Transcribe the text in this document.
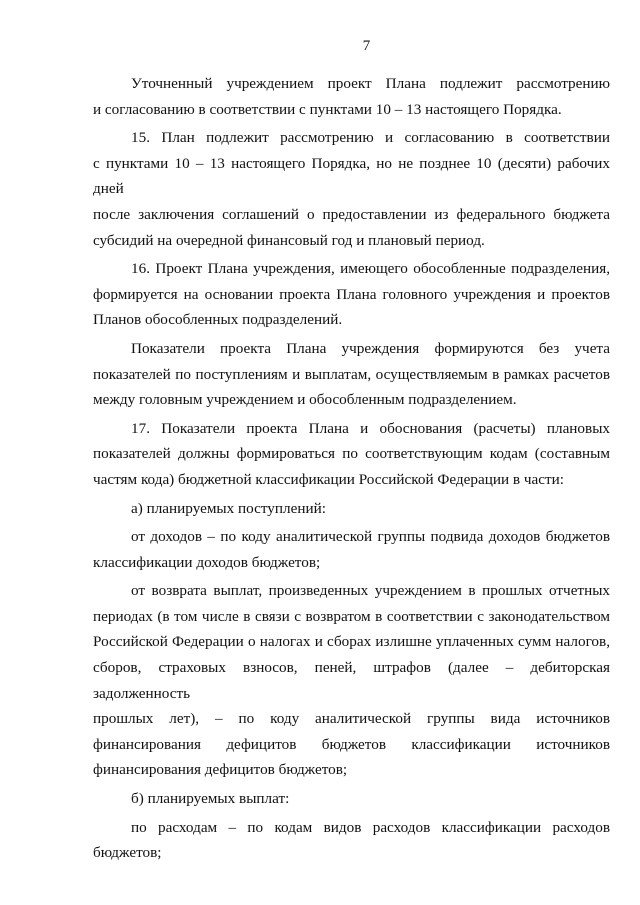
7
Уточненный учреждением проект Плана подлежит рассмотрению
и согласованию в соответствии с пунктами 10 – 13 настоящего Порядка.
15. План подлежит рассмотрению и согласованию в соответствии
с пунктами 10 – 13 настоящего Порядка, но не позднее 10 (десяти) рабочих дней
после заключения соглашений о предоставлении из федерального бюджета
субсидий на очередной финансовый год и плановый период.
16. Проект Плана учреждения, имеющего обособленные подразделения,
формируется на основании проекта Плана головного учреждения и проектов
Планов обособленных подразделений.
Показатели проекта Плана учреждения формируются без учета
показателей по поступлениям и выплатам, осуществляемым в рамках расчетов
между головным учреждением и обособленным подразделением.
17. Показатели проекта Плана и обоснования (расчеты) плановых
показателей должны формироваться по соответствующим кодам (составным
частям кода) бюджетной классификации Российской Федерации в части:
а) планируемых поступлений:
от доходов – по коду аналитической группы подвида доходов бюджетов
классификации доходов бюджетов;
от возврата выплат, произведенных учреждением в прошлых отчетных
периодах (в том числе в связи с возвратом в соответствии с законодательством
Российской Федерации о налогах и сборах излишне уплаченных сумм налогов,
сборов, страховых взносов, пеней, штрафов (далее – дебиторская задолженность
прошлых лет), – по коду аналитической группы вида источников
финансирования дефицитов бюджетов классификации источников
финансирования дефицитов бюджетов;
б) планируемых выплат:
по расходам – по кодам видов расходов классификации расходов
бюджетов;
